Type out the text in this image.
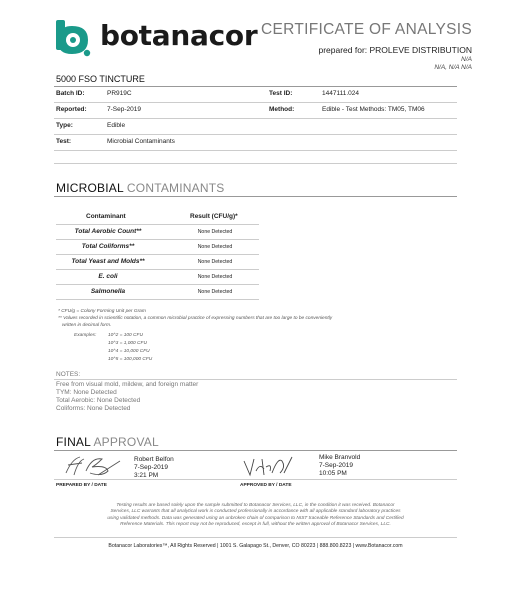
botanacor CERTIFICATE OF ANALYSIS
prepared for: PROLEVE DISTRIBUTION
N/A
N/A, N/A N/A
5000 FSO TINCTURE
Batch ID:	PR919C	Test ID:	1447111.024
Reported:	7-Sep-2019	Method:	Edible - Test Methods: TM05, TM06
Type:	Edible
Test:	Microbial Contaminants
MICROBIAL CONTAMINANTS
Contaminant	Result (CFU/g)*
Total Aerobic Count**	None Detected
Total Coliforms**	None Detected
Total Yeast and Molds**	None Detected
E. coli	None Detected
Salmonella	None Detected
* CFU/g = Colony Forming Unit per Gram
** Values recorded in scientific notation, a common microbial practice of expressing numbers that are too large to be conveniently
written in decimal form.
Examples: 10^2 = 100 CFU
10^3 = 1,000 CFU
10^4 = 10,000 CFU
10^5 = 100,000 CFU
NOTES:
Free from visual mold, mildew, and foreign matter
TYM: None Detected
Total Aerobic: None Detected
Coliforms: None Detected
FINAL APPROVAL
Robert Belfon
7-Sep-2019
3:21 PM
Mike Branvold
7-Sep-2019
10:05 PM
PREPARED BY / DATE	APPROVED BY / DATE
Testing results are based solely upon the sample submitted to Botanacor Services, LLC, in the condition it was received. Botanacor
Services, LLC warrants that all analytical work is conducted professionally in accordance with all applicable standard laboratory practices
using validated methods. Data was generated using an unbroken chain of comparison to NIST traceable Reference Standards and Certified
Reference Materials. This report may not be reproduced, except in full, without the written approval of Botanacor Services, LLC.
Botanacor Laboratories™, All Rights Reserved | 1001 S. Galapago St., Denver, CO 80223 | 888.800.8223 | www.Botanacor.com
